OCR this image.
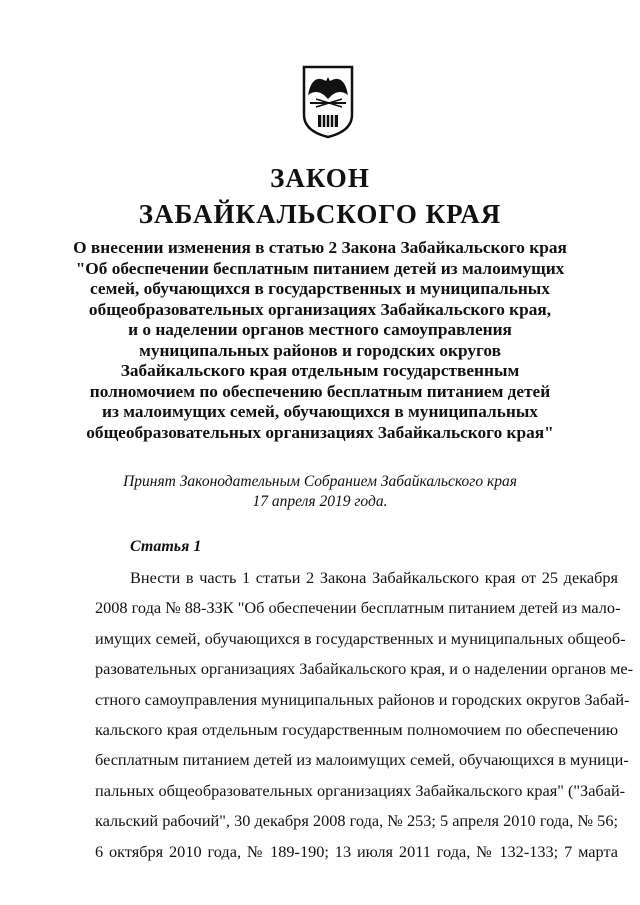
ЗАКОН
ЗАБАЙКАЛЬСКОГО КРАЯ
О внесении изменения в статью 2 Закона Забайкальского края
"Об обеспечении бесплатным питанием детей из малоимущих
семей, обучающихся в государственных и муниципальных
общеобразовательных организациях Забайкальского края,
и о наделении органов местного самоуправления
муниципальных районов и городских округов
Забайкальского края отдельным государственным
полномочием по обеспечению бесплатным питанием детей
из малоимущих семей, обучающихся в муниципальных
общеобразовательных организациях Забайкальского края"
Принят Законодательным Собранием Забайкальского края
17 апреля 2019 года.
Статья 1
Внести в часть 1 статьи 2 Закона Забайкальского края от 25 декабря
2008 года № 88-ЗЗК "Об обеспечении бесплатным питанием детей из мало-
имущих семей, обучающихся в государственных и муниципальных общеоб-
разовательных организациях Забайкальского края, и о наделении органов ме-
стного самоуправления муниципальных районов и городских округов Забай-
кальского края отдельным государственным полномочием по обеспечению
бесплатным питанием детей из малоимущих семей, обучающихся в муници-
пальных общеобразовательных организациях Забайкальского края" ("Забай-
кальский рабочий", 30 декабря 2008 года, № 253; 5 апреля 2010 года, № 56;
6 октября 2010 года, № 189-190; 13 июля 2011 года, № 132-133; 7 марта
